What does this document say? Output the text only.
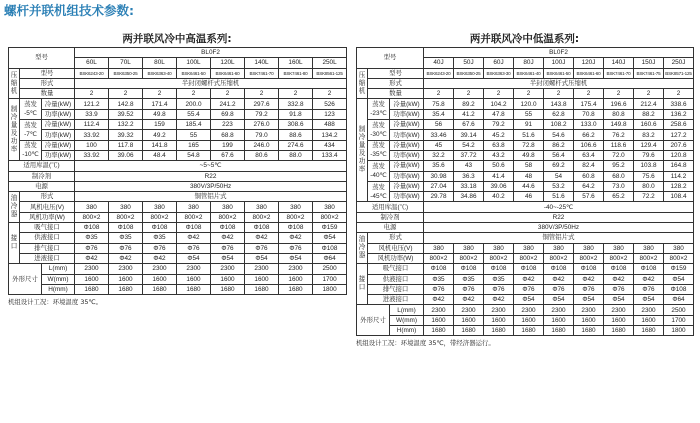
螺杆并联机组技术参数:
两并联风冷中高温系列:
型号			BL0F2							
			60L	70L	80L	100L	120L	140L	160L	250L
压缩机	型号		BSK6243-20	BSK6350-25	BSK6363-40	BSK6461-50	BSK6461-60	BSK7461-70	BSK7461-80	BSK8561-125
	形式		半封闭螺杆式压缩机							
	数量		2	2	2	2	2	2	2	2
制冷量及功率	蒸发
-5℃	冷量(kW)	121.2	142.8	171.4	200.0	241.2	297.6	332.8	526
		功率(kW)	33.9	39.52	49.8	55.4	69.8	79.2	91.8	123

	蒸发
-7℃	冷量(kW)	112.4	132.2	159	185.4	223	276.0	308.6	488
		功率(kW)	33.92	39.32	49.2	55	68.8	79.0	88.6	134.2

	蒸发
-10℃	冷量(kW)	100	117.8	141.8	165	199	246.0	274.6	434
		功率(kW)	33.92	39.06	48.4	54.8	67.6	80.6	88.0	133.4
适用库温(℃)			~5~5℃							
制冷剂			R22							
电源			380V/3P/50Hz							
油冷器	形式		铜管铝片式							
	风机电压(V)		380	380	380	380	380	380	380	380
	风机功率(W)		800×2	800×2	800×2	800×2	800×2	800×2	800×2	800×2
接口	吸气接口		Φ108	Φ108	Φ108	Φ108	Φ108	Φ108	Φ108	Φ159
	供液接口		Φ35	Φ35	Φ35	Φ42	Φ42	Φ42	Φ42	Φ54
	排气接口		Φ76	Φ76	Φ76	Φ76	Φ76	Φ76	Φ76	Φ108
	进液接口		Φ42	Φ42	Φ42	Φ54	Φ54	Φ54	Φ54	Φ64
外形尺寸		L(mm)	2300	2300	2300	2300	2300	2300	2300	2500
		W(mm)	1600	1600	1600	1600	1600	1600	1600	1700
		H(mm)	1680	1680	1680	1680	1680	1680	1680	1800
机组设计工况：环境温度 35℃。
两并联风冷中低温系列:
型号			BL0F2								
			40J	50J	60J	80J	100J	120J	140J	150J	250J
压缩机	型号		BSK6243-20	BSK6350-25	BSK6363-30	BSK6461-40	BSK6461-50	BSK6461-60	BSK7461-70	BSK7461-75	BSK8571-125
	形式		半封闭螺杆式压缩机								
	数量		2	2	2	2	2	2	2	2	2
制冷量及功率	蒸发
-23℃	冷量(kW)	75.8	89.2	104.2	120.0	143.8	175.4	196.6	212.4	338.6
		功率(kW)	35.4	41.2	47.8	55	62.8	70.8	80.8	88.2	136.2

	蒸发
-30℃	冷量(kW)	56	67.6	79.2	91	108.2	133.0	149.8	160.6	258.6
		功率(kW)	33.46	39.14	45.2	51.6	54.6	66.2	76.2	83.2	127.2

	蒸发
-35℃	冷量(kW)	45	54.2	63.8	72.8	86.2	106.6	118.6	129.4	207.6
		功率(kW)	32.2	37.72	43.2	49.8	56.4	63.4	72.0	79.6	120.8

	蒸发
-40℃	冷量(kW)	35.6	43	50.6	58	69.2	82.4	95.2	103.8	164.8
		功率(kW)	30.98	36.3	41.4	48	54	60.8	68.0	75.6	114.2

	蒸发
-45℃	冷量(kW)	27.04	33.18	39.06	44.6	53.2	64.2	73.0	80.0	128.2
		功率(kW)	29.78	34.86	40.2	46	51.6	57.6	65.2	72.2	108.4
适用库温(℃)			-40~-25℃								
制冷剂			R22								
电源			380V/3P/50Hz								
油冷器	形式		铜管铝片式								
	风机电压(V)		380	380	380	380	380	380	380	380	380
	风机功率(W)		800×2	800×2	800×2	800×2	800×2	800×2	800×2	800×2	800×2
接口	吸气接口		Φ108	Φ108	Φ108	Φ108	Φ108	Φ108	Φ108	Φ108	Φ159
	供液接口		Φ35	Φ35	Φ35	Φ42	Φ42	Φ42	Φ42	Φ42	Φ54
	排气接口		Φ76	Φ76	Φ76	Φ76	Φ76	Φ76	Φ76	Φ76	Φ108
	进液接口		Φ42	Φ42	Φ42	Φ54	Φ54	Φ54	Φ54	Φ54	Φ64
外形尺寸		L(mm)	2300	2300	2300	2300	2300	2300	2300	2300	2500
		W(mm)	1600	1600	1600	1600	1600	1600	1600	1600	1700
		H(mm)	1680	1680	1680	1680	1680	1680	1680	1680	1800
机组设计工况：环境温度 35℃，带经济器运行。
